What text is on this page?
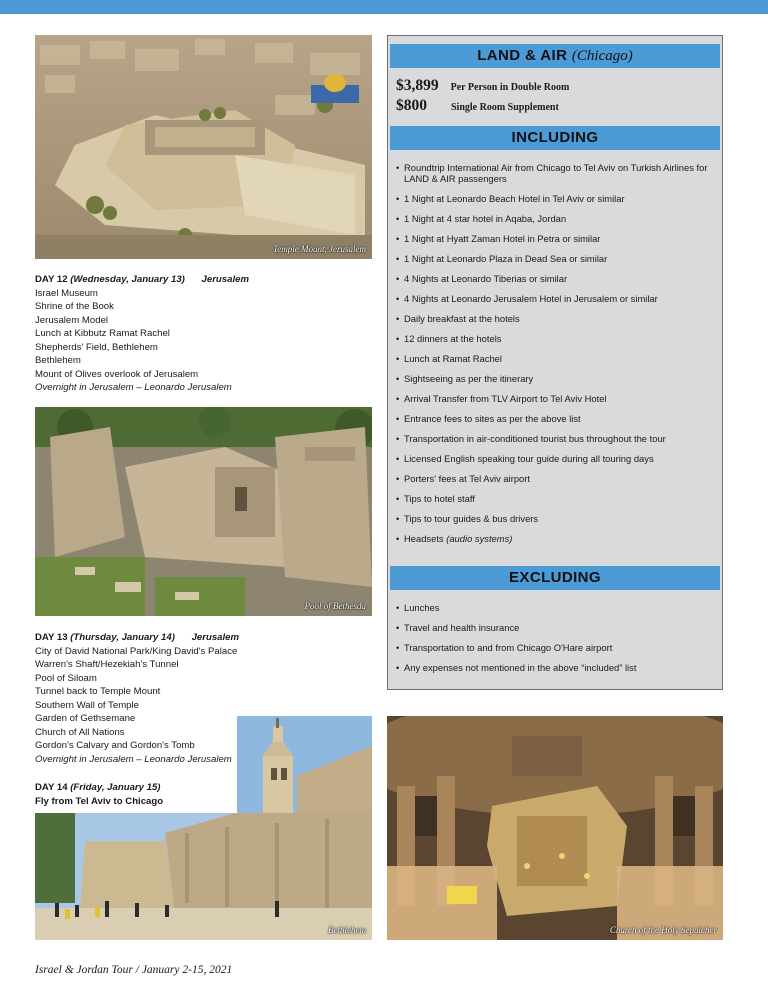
Temple Mount, Jerusalem
DAY 12 (Wednesday, January 13) Jerusalem
Israel Museum
Shrine of the Book
Jerusalem Model
Lunch at Kibbutz Ramat Rachel
Shepherds' Field, Bethlehem
Bethlehem
Mount of Olives overlook of Jerusalem
Overnight in Jerusalem – Leonardo Jerusalem
Pool of Bethesda
DAY 13 (Thursday, January 14) Jerusalem
City of David National Park/King David's Palace
Warren's Shaft/Hezekiah's Tunnel
Pool of Siloam
Tunnel back to Temple Mount
Southern Wall of Temple
Garden of Gethsemane
Church of All Nations
Gordon's Calvary and Gordon's Tomb
Overnight in Jerusalem – Leonardo Jerusalem
DAY 14 (Friday, January 15)
Fly from Tel Aviv to Chicago
Bethlehem
LAND & AIR (Chicago)
$3,899 Per Person in Double Room
$800 Single Room Supplement
INCLUDING
• Roundtrip International Air from Chicago to Tel Aviv on Turkish Airlines for LAND & AIR passengers
• 1 Night at Leonardo Beach Hotel in Tel Aviv or similar
• 1 Night at 4 star hotel in Aqaba, Jordan
• 1 Night at Hyatt Zaman Hotel in Petra or similar
• 1 Night at Leonardo Plaza in Dead Sea or similar
• 4 Nights at Leonardo Tiberias or similar
• 4 Nights at Leonardo Jerusalem Hotel in Jerusalem or similar
• Daily breakfast at the hotels
• 12 dinners at the hotels
• Lunch at Ramat Rachel
• Sightseeing as per the itinerary
• Arrival Transfer from TLV Airport to Tel Aviv Hotel
• Entrance fees to sites as per the above list
• Transportation in air-conditioned tourist bus throughout the tour
• Licensed English speaking tour guide during all touring days
• Porters' fees at Tel Aviv airport
• Tips to hotel staff
• Tips to tour guides & bus drivers
• Headsets (audio systems)
EXCLUDING
• Lunches
• Travel and health insurance
• Transportation to and from Chicago O'Hare airport
• Any expenses not mentioned in the above “included” list
Church of the Holy Sepulcher
Israel & Jordan Tour / January 2-15, 2021
